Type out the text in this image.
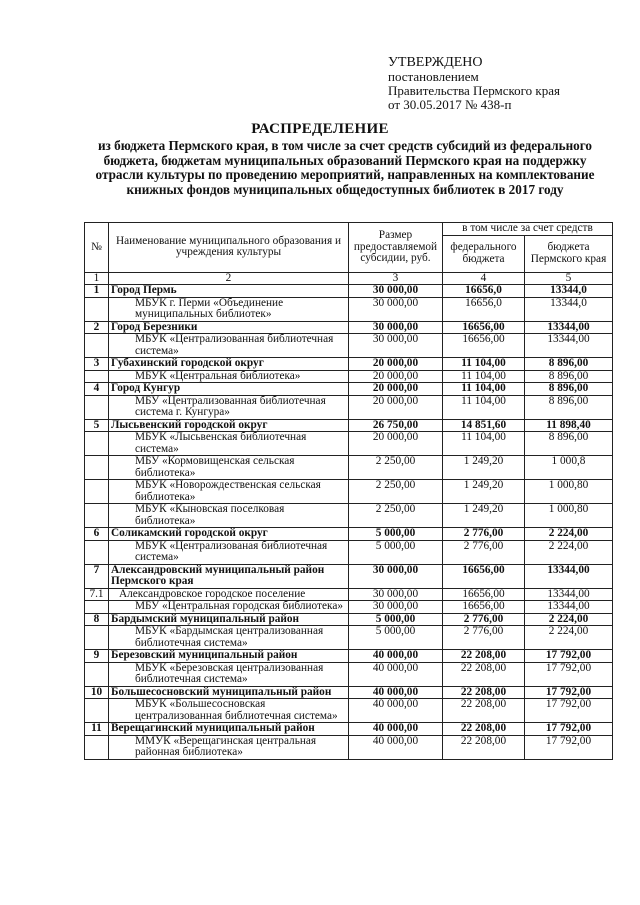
УТВЕРЖДЕНО
постановлением
Правительства Пермского края
от 30.05.2017 № 438-п
РАСПРЕДЕЛЕНИЕ
из бюджета Пермского края, в том числе за счет средств субсидий из федерального бюджета, бюджетам муниципальных образований Пермского края на поддержку отрасли культуры по проведению мероприятий, направленных на комплектование книжных фондов муниципальных общедоступных библиотек в 2017 году
№	Наименование муниципального образования и учреждения культуры	Размер предоставляемой субсидии, руб.	в том числе за счет средств	
			федерального бюджета	бюджета Пермского края
1	2	3	4	5
1	Город Пермь	30 000,00	16656,0	13344,0
	МБУК г. Перми «Объединение муниципальных библиотек»	30 000,00	16656,0	13344,0
2	Город Березники	30 000,00	16656,00	13344,00
	МБУК «Централизованная библиотечная система»	30 000,00	16656,00	13344,00
3	Губахинский городской округ	20 000,00	11 104,00	8 896,00
	МБУК «Центральная библиотека»	20 000,00	11 104,00	8 896,00
4	Город Кунгур	20 000,00	11 104,00	8 896,00
	МБУ «Централизованная библиотечная система г. Кунгура»	20 000,00	11 104,00	8 896,00
5	Лысьвенский городской округ	26 750,00	14 851,60	11 898,40
	МБУК «Лысьвенская библиотечная система»	20 000,00	11 104,00	8 896,00
	МБУ «Кормовищенская сельская библиотека»	2 250,00	1 249,20	1 000,8
	МБУК «Новорождественская сельская библиотека»	2 250,00	1 249,20	1 000,80
	МБУК «Кыновская поселковая библиотека»	2 250,00	1 249,20	1 000,80
6	Соликамский городской округ	5 000,00	2 776,00	2 224,00
	МБУК «Централизованая библиотечная система»	5 000,00	2 776,00	2 224,00
7	Александровский муниципальный район Пермского края	30 000,00	16656,00	13344,00
7.1	Александровское городское поселение	30 000,00	16656,00	13344,00
	МБУ «Центральная городская библиотека»	30 000,00	16656,00	13344,00
8	Бардымский муниципальный район	5 000,00	2 776,00	2 224,00
	МБУК «Бардымская централизованная библиотечная система»	5 000,00	2 776,00	2 224,00
9	Березовский муниципальный район	40 000,00	22 208,00	17 792,00
	МБУК «Березовская централизованная библиотечная система»	40 000,00	22 208,00	17 792,00
10	Большесосновский муниципальный район	40 000,00	22 208,00	17 792,00
	МБУК «Большесосновская централизованная библиотечная система»	40 000,00	22 208,00	17 792,00
11	Верещагинский муниципальный район	40 000,00	22 208,00	17 792,00
	ММУК «Верещагинская центральная районная библиотека»	40 000,00	22 208,00	17 792,00
